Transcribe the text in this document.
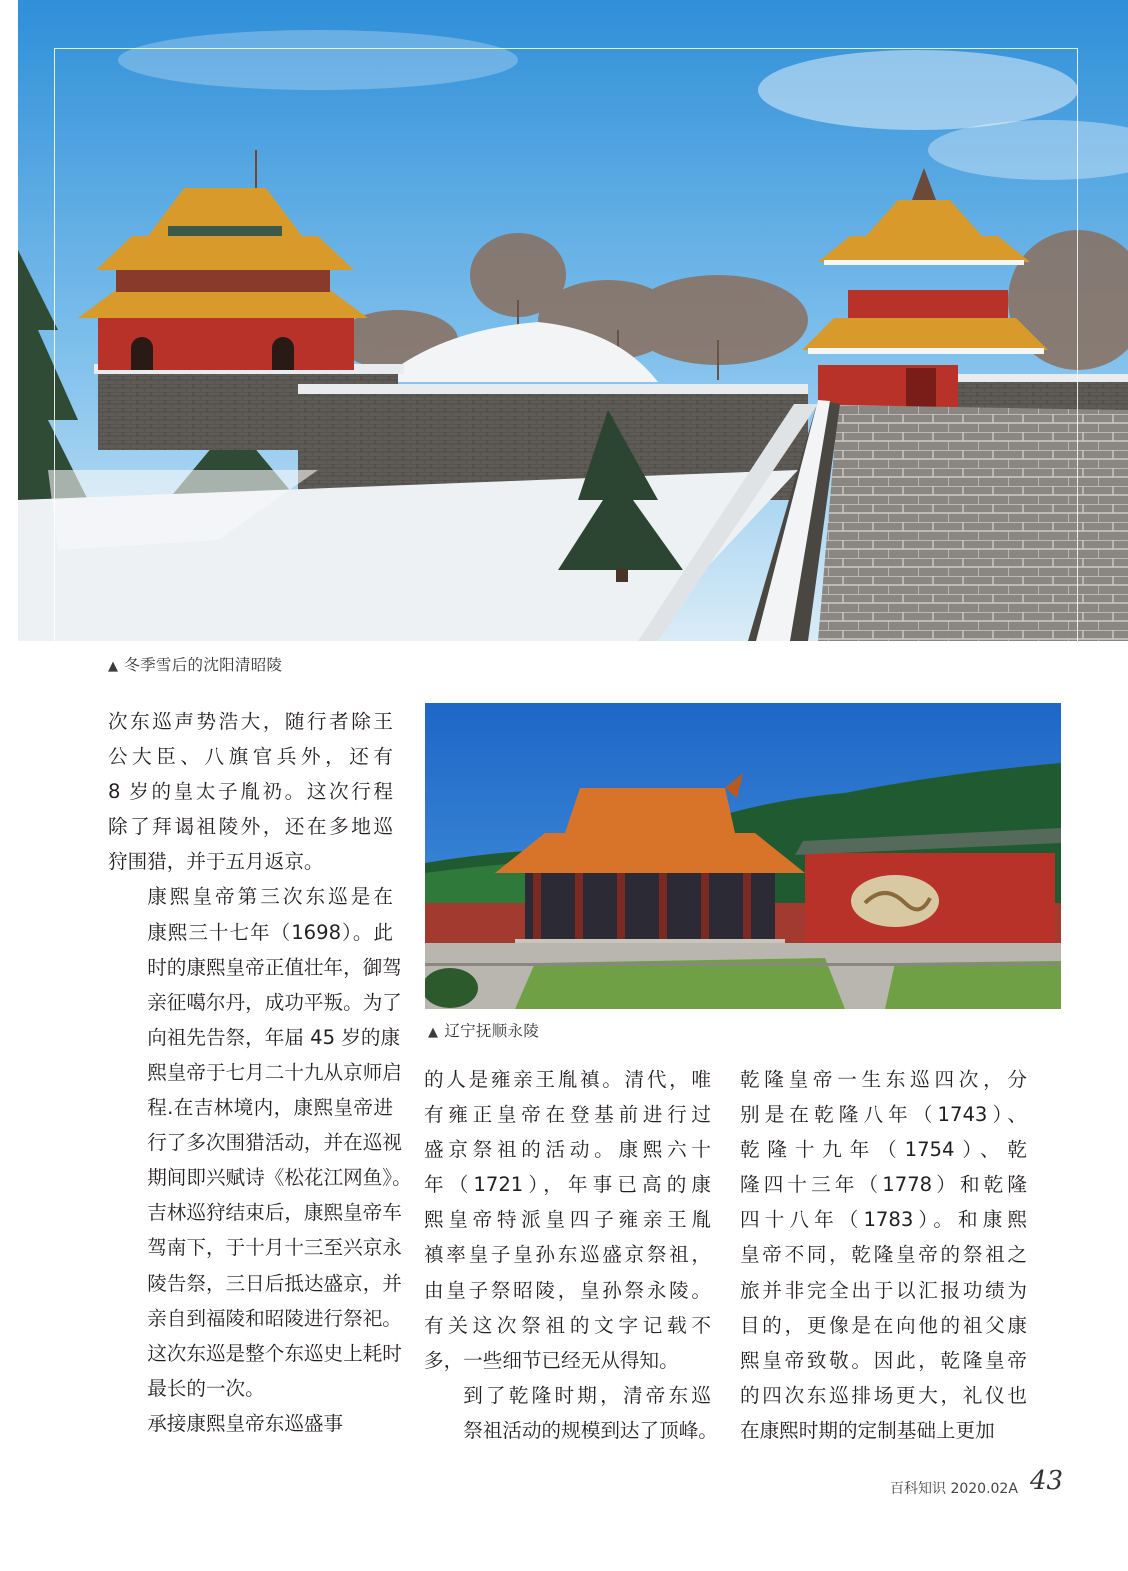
▲ 冬季雪后的沈阳清昭陵
▲ 辽宁抚顺永陵

次东巡声势浩大，随行者除王
公大臣、八旗官兵外，还有
8 岁的皇太子胤礽。这次行程
除了拜谒祖陵外，还在多地巡
狩围猎，并于五月返京。

康熙皇帝第三次东巡是在
康熙三十七年（1698）。此
时的康熙皇帝正值壮年，御驾
亲征噶尔丹，成功平叛。为了
向祖先告祭，年届 45 岁的康
熙皇帝于七月二十九从京师启
程.在吉林境内，康熙皇帝进
行了多次围猎活动，并在巡视
期间即兴赋诗《松花江网鱼》。
吉林巡狩结束后，康熙皇帝车
驾南下，于十月十三至兴京永
陵告祭，三日后抵达盛京，并
亲自到福陵和昭陵进行祭祀。
这次东巡是整个东巡史上耗时
最长的一次。

承接康熙皇帝东巡盛事

的人是雍亲王胤禛。清代，唯
有雍正皇帝在登基前进行过
盛京祭祖的活动。康熙六十
年（1721），年事已高的康
熙皇帝特派皇四子雍亲王胤
禛率皇子皇孙东巡盛京祭祖，
由皇子祭昭陵，皇孙祭永陵。
有关这次祭祖的文字记载不
多，一些细节已经无从得知。

到了乾隆时期，清帝东巡
祭祖活动的规模到达了顶峰。

乾隆皇帝一生东巡四次，分
别是在乾隆八年（1743）、
乾隆十九年（1754）、乾
隆四十三年（1778）和乾隆
四十八年（1783）。和康熙
皇帝不同，乾隆皇帝的祭祖之
旅并非完全出于以汇报功绩为
目的，更像是在向他的祖父康
熙皇帝致敬。因此，乾隆皇帝
的四次东巡排场更大，礼仪也
在康熙时期的定制基础上更加

百科知识 2020.02A 43
